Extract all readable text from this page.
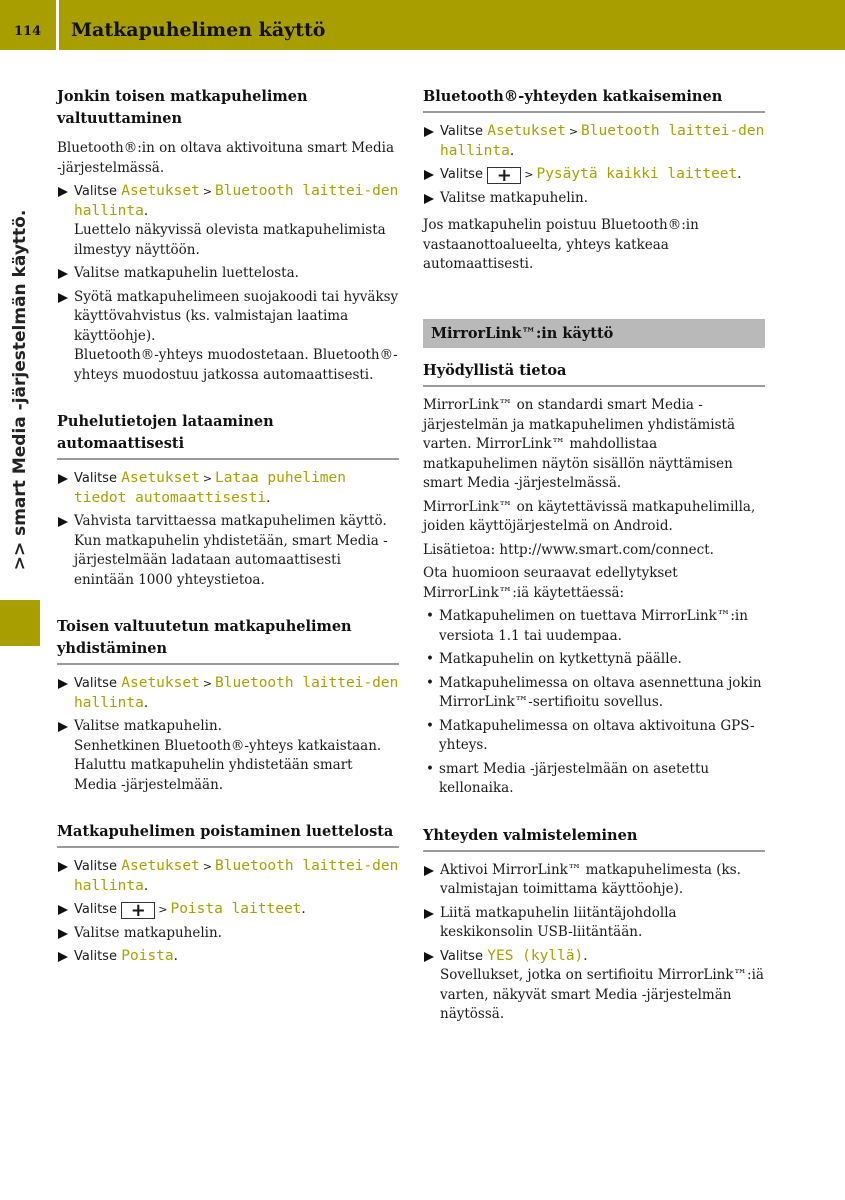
114 Matkapuhelimen käyttö
>> smart Media -järjestelmän käyttö.
Jonkin toisen matkapuhelimen valtuuttaminen

Bluetooth®:in on oltava aktivoituna smart Media -järjestelmässä.

Valitse Asetukset > Bluetooth laittei-den hallinta.
Luettelo näkyvissä olevista matkapuhelimista ilmestyy näyttöön.
Valitse matkapuhelin luettelosta.
Syötä matkapuhelimeen suojakoodi tai hyväksy käyttövahvistus (ks. valmistajan laatima käyttöohje).
Bluetooth®-yhteys muodostetaan. Bluetooth®-yhteys muodostuu jatkossa automaattisesti.
Puhelutietojen lataaminen automaattisesti
Valitse Asetukset > Lataa puhelimen tiedot automaattisesti.
Vahvista tarvittaessa matkapuhelimen käyttö.
Kun matkapuhelin yhdistetään, smart Media -järjestelmään ladataan automaattisesti enintään 1000 yhteystietoa.
Toisen valtuutetun matkapuhelimen yhdistäminen
Valitse Asetukset > Bluetooth laittei-den hallinta.
Valitse matkapuhelin.
Senhetkinen Bluetooth®-yhteys katkaistaan. Haluttu matkapuhelin yhdistetään smart Media -järjestelmään.
Matkapuhelimen poistaminen luettelosta
Valitse Asetukset > Bluetooth laittei-den hallinta.
Valitse + > Poista laitteet.
Valitse matkapuhelin.
Valitse Poista.
Bluetooth®-yhteyden katkaiseminen
Valitse Asetukset > Bluetooth laittei-den hallinta.
Valitse + > Pysäytä kaikki laitteet.
Valitse matkapuhelin.

Jos matkapuhelin poistuu Bluetooth®:in vastaanottoalueelta, yhteys katkeaa automaattisesti.

MirrorLink™:in käyttö
Hyödyllistä tietoa

MirrorLink™ on standardi smart Media -järjestelmän ja matkapuhelimen yhdistämistä varten. MirrorLink™ mahdollistaa matkapuhelimen näytön sisällön näyttämisen smart Media -järjestelmässä.

MirrorLink™ on käytettävissä matkapuhelimilla, joiden käyttöjärjestelmä on Android.

Lisätietoa: http://www.smart.com/connect.

Ota huomioon seuraavat edellytykset MirrorLink™:iä käytettäessä:

• Matkapuhelimen on tuettava MirrorLink™:in versiota 1.1 tai uudempaa.
• Matkapuhelin on kytkettynä päälle.
• Matkapuhelimessa on oltava asennettuna jokin MirrorLink™-sertifioitu sovellus.
• Matkapuhelimessa on oltava aktivoituna GPS-yhteys.
• smart Media -järjestelmään on asetettu kellonaika.
Yhteyden valmisteleminen
Aktivoi MirrorLink™ matkapuhelimesta (ks. valmistajan toimittama käyttöohje).
Liitä matkapuhelin liitäntäjohdolla keskikonsolin USB-liitäntään.
Valitse YES (kyllä).
Sovellukset, jotka on sertifioitu MirrorLink™:iä varten, näkyvät smart Media -järjestelmän näytössä.
